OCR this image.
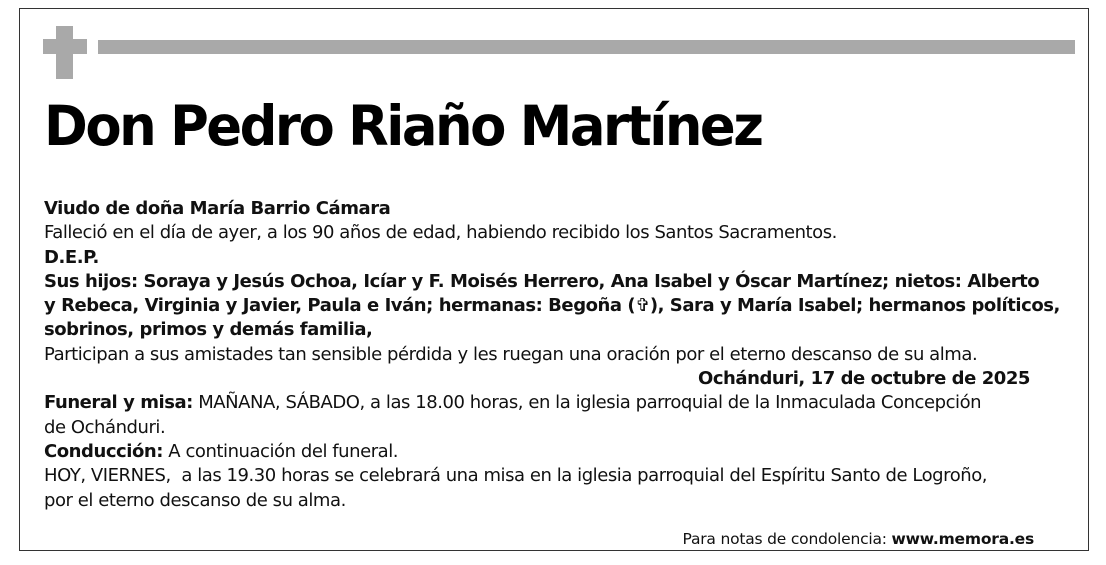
Don Pedro Riaño Martínez
Viudo de doña María Barrio Cámara
Falleció en el día de ayer, a los 90 años de edad, habiendo recibido los Santos Sacramentos.
D.E.P.
Sus hijos: Soraya y Jesús Ochoa, Icíar y F. Moisés Herrero, Ana Isabel y Óscar Martínez; nietos: Alberto
y Rebeca, Virginia y Javier, Paula e Iván; hermanas: Begoña (✞), Sara y María Isabel; hermanos políticos,
sobrinos, primos y demás familia,
Participan a sus amistades tan sensible pérdida y les ruegan una oración por el eterno descanso de su alma.
Ochánduri, 17 de octubre de 2025
Funeral y misa: MAÑANA, SÁBADO, a las 18.00 horas, en la iglesia parroquial de la Inmaculada Concepción
de Ochánduri.
Conducción: A continuación del funeral.
HOY, VIERNES,  a las 19.30 horas se celebrará una misa en la iglesia parroquial del Espíritu Santo de Logroño,
por el eterno descanso de su alma.
Para notas de condolencia: www.memora.es
